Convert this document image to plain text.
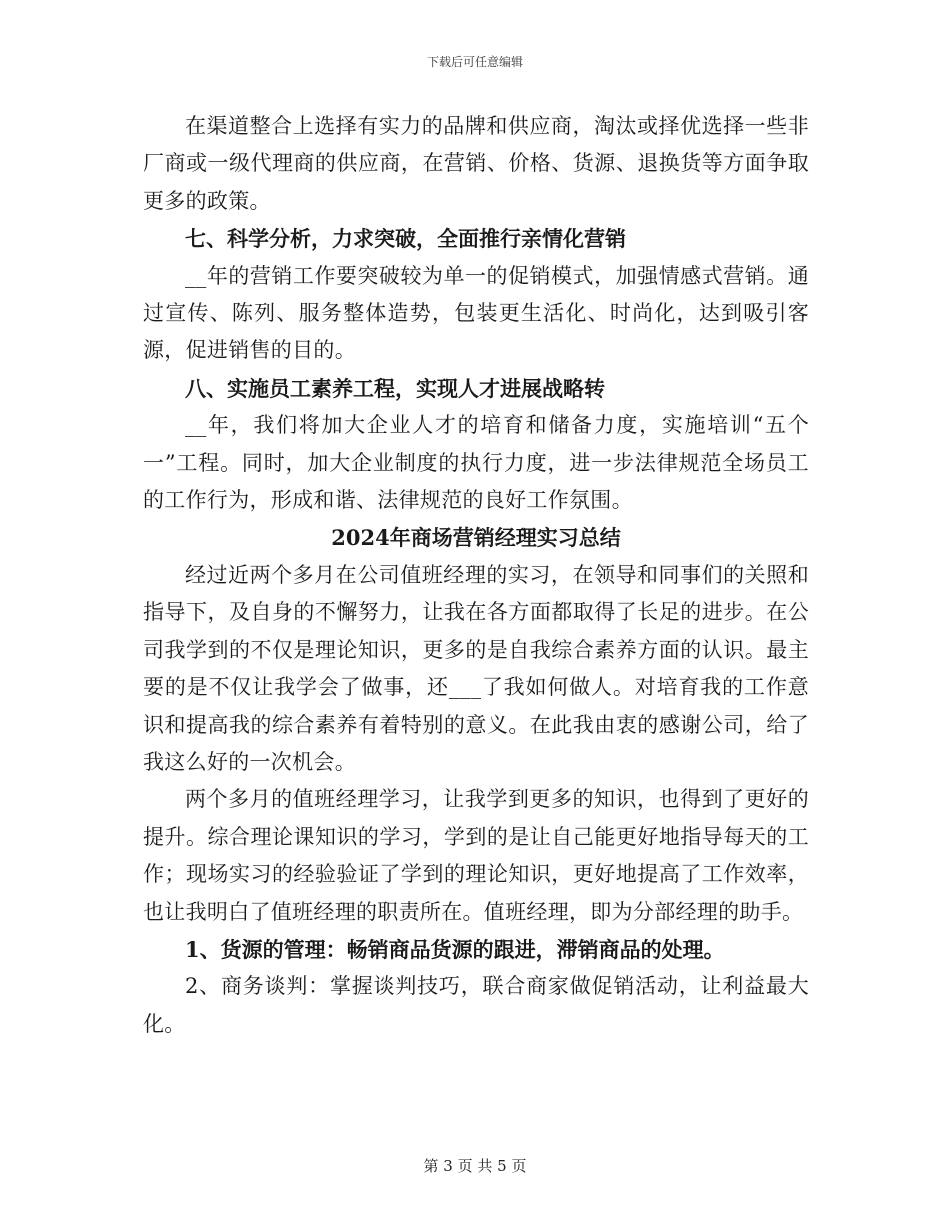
下载后可任意编辑

在渠道整合上选择有实力的品牌和供应商，淘汰或择优选择一些非厂商或一级代理商的供应商，在营销、价格、货源、退换货等方面争取更多的政策。

七、科学分析，力求突破，全面推行亲情化营销

__年的营销工作要突破较为单一的促销模式，加强情感式营销。通过宣传、陈列、服务整体造势，包装更生活化、时尚化，达到吸引客源，促进销售的目的。

八、实施员工素养工程，实现人才进展战略转

__年，我们将加大企业人才的培育和储备力度，实施培训“五个一”工程。同时，加大企业制度的执行力度，进一步法律规范全场员工的工作行为，形成和谐、法律规范的良好工作氛围。

2024年商场营销经理实习总结

经过近两个多月在公司值班经理的实习，在领导和同事们的关照和指导下，及自身的不懈努力，让我在各方面都取得了长足的进步。在公司我学到的不仅是理论知识，更多的是自我综合素养方面的认识。最主要的是不仅让我学会了做事，还___了我如何做人。对培育我的工作意识和提高我的综合素养有着特别的意义。在此我由衷的感谢公司，给了我这么好的一次机会。

两个多月的值班经理学习，让我学到更多的知识，也得到了更好的提升。综合理论课知识的学习，学到的是让自己能更好地指导每天的工作；现场实习的经验验证了学到的理论知识，更好地提高了工作效率，也让我明白了值班经理的职责所在。值班经理，即为分部经理的助手。

1、货源的管理：畅销商品货源的跟进，滞销商品的处理。

2、商务谈判：掌握谈判技巧，联合商家做促销活动，让利益最大化。

第 3 页 共 5 页
